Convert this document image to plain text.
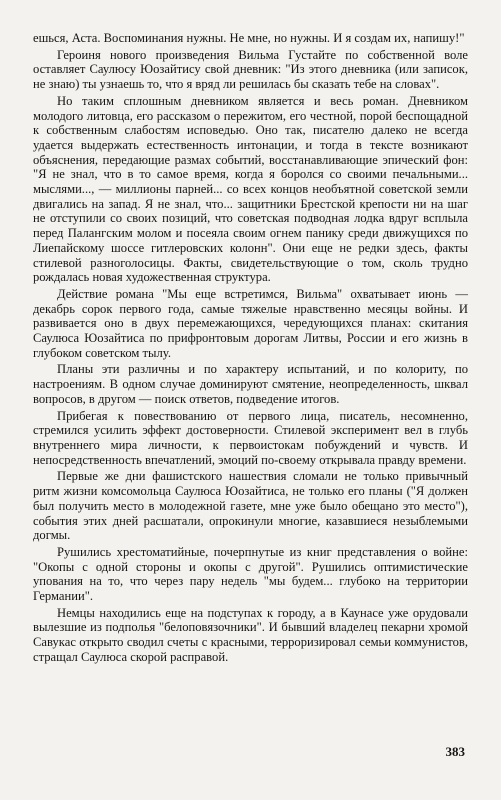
ешься, Аста. Воспоминания нужны. Не мне, но нужны. И я создам их, напишу!"

Героиня нового произведения Вильма Густайте по собственной воле оставляет Саулюсу Юозайтису свой дневник: "Из этого дневника (или записок, не знаю) ты узнаешь то, что я вряд ли решилась бы сказать тебе на словах".

Но таким сплошным дневником является и весь роман. Дневником молодого литовца, его рассказом о пережитом, его честной, порой беспощадной к собственным слабостям исповедью. Оно так, писателю далеко не всегда удается выдержать естественность интонации, и тогда в тексте возникают объяснения, передающие размах событий, восстанавливающие эпический фон: "Я не знал, что в то самое время, когда я боролся со своими печальными... мыслями..., — миллионы парней... со всех концов необъятной советской земли двигались на запад. Я не знал, что... защитники Брестской крепости ни на шаг не отступили со своих позиций, что советская подводная лодка вдруг всплыла перед Палангским молом и посеяла своим огнем панику среди движущихся по Лиепайскому шоссе гитлеровских колонн". Они еще не редки здесь, факты стилевой разноголосицы. Факты, свидетельствующие о том, сколь трудно рождалась новая художественная структура.

Действие романа "Мы еще встретимся, Вильма" охватывает июнь — декабрь сорок первого года, самые тяжелые нравственно месяцы войны. И развивается оно в двух перемежающихся, чередующихся планах: скитания Саулюса Юозайтиса по прифронтовым дорогам Литвы, России и его жизнь в глубоком советском тылу.

Планы эти различны и по характеру испытаний, и по колориту, по настроениям. В одном случае доминируют смятение, неопределенность, шквал вопросов, в другом — поиск ответов, подведение итогов.

Прибегая к повествованию от первого лица, писатель, несомненно, стремился усилить эффект достоверности. Стилевой эксперимент вел в глубь внутреннего мира личности, к первоистокам побуждений и чувств. И непосредственность впечатлений, эмоций по-своему открывала правду времени.

Первые же дни фашистского нашествия сломали не только привычный ритм жизни комсомольца Саулюса Юозайтиса, не только его планы ("Я должен был получить место в молодежной газете, мне уже было обещано это место"), события этих дней расшатали, опрокинули многие, казавшиеся незыблемыми догмы.

Рушились хрестоматийные, почерпнутые из книг представления о войне: "Окопы с одной стороны и окопы с другой". Рушились оптимистические упования на то, что через пару недель "мы будем... глубоко на территории Германии".

Немцы находились еще на подступах к городу, а в Каунасе уже орудовали вылезшие из подполья "белоповязочники". И бывший владелец пекарни хромой Савукас открыто сводил счеты с красными, терроризировал семьи коммунистов, стращал Саулюса скорой расправой.

383
